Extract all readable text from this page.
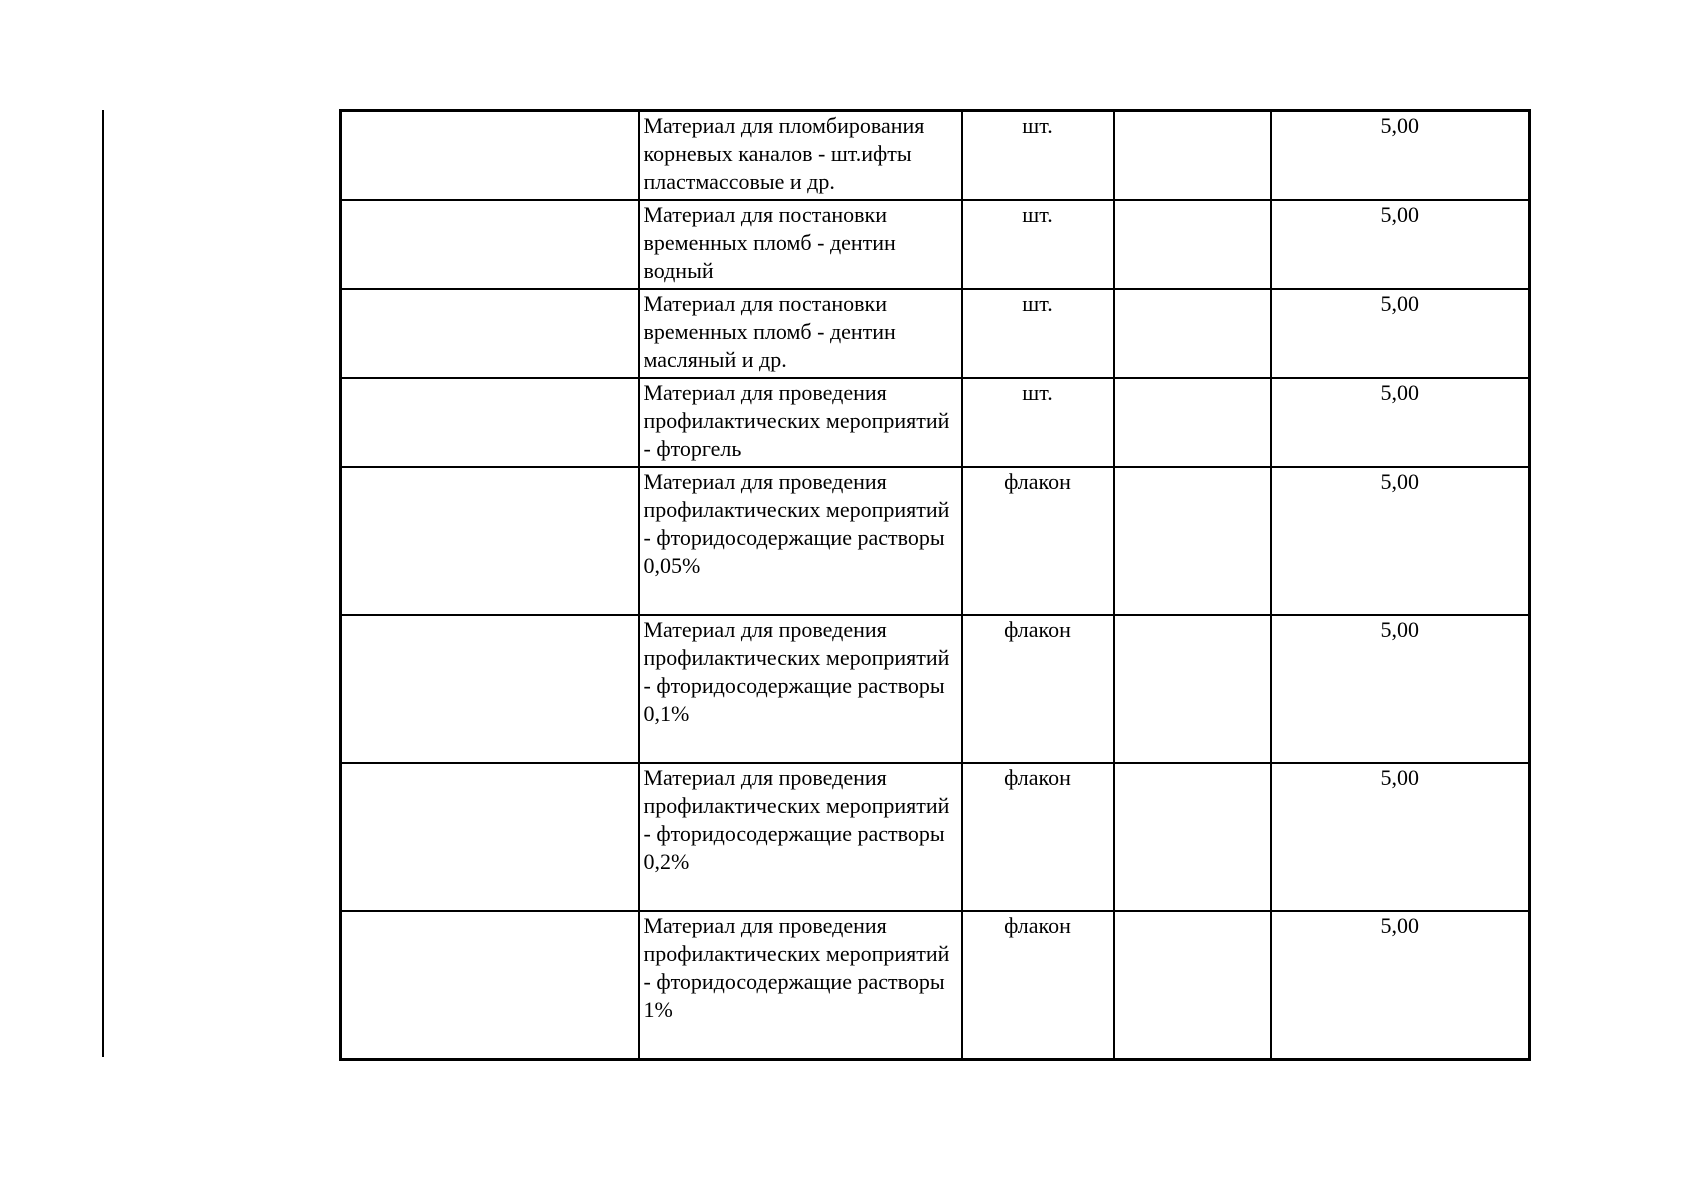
	Материал для пломбирования корневых каналов - шт.ифты пластмассовые и др.	шт.		5,00
	Материал для постановки временных пломб - дентин водный	шт.		5,00
	Материал для постановки временных пломб - дентин масляный и др.	шт.		5,00
	Материал для проведения профилактических мероприятий - фторгель	шт.		5,00
	Материал для проведения профилактических мероприятий - фторидосодержащие растворы 0,05%	флакон		5,00
	Материал для проведения профилактических мероприятий - фторидосодержащие растворы 0,1%	флакон		5,00
	Материал для проведения профилактических мероприятий - фторидосодержащие растворы 0,2%	флакон		5,00
	Материал для проведения профилактических мероприятий - фторидосодержащие растворы 1%	флакон		5,00
